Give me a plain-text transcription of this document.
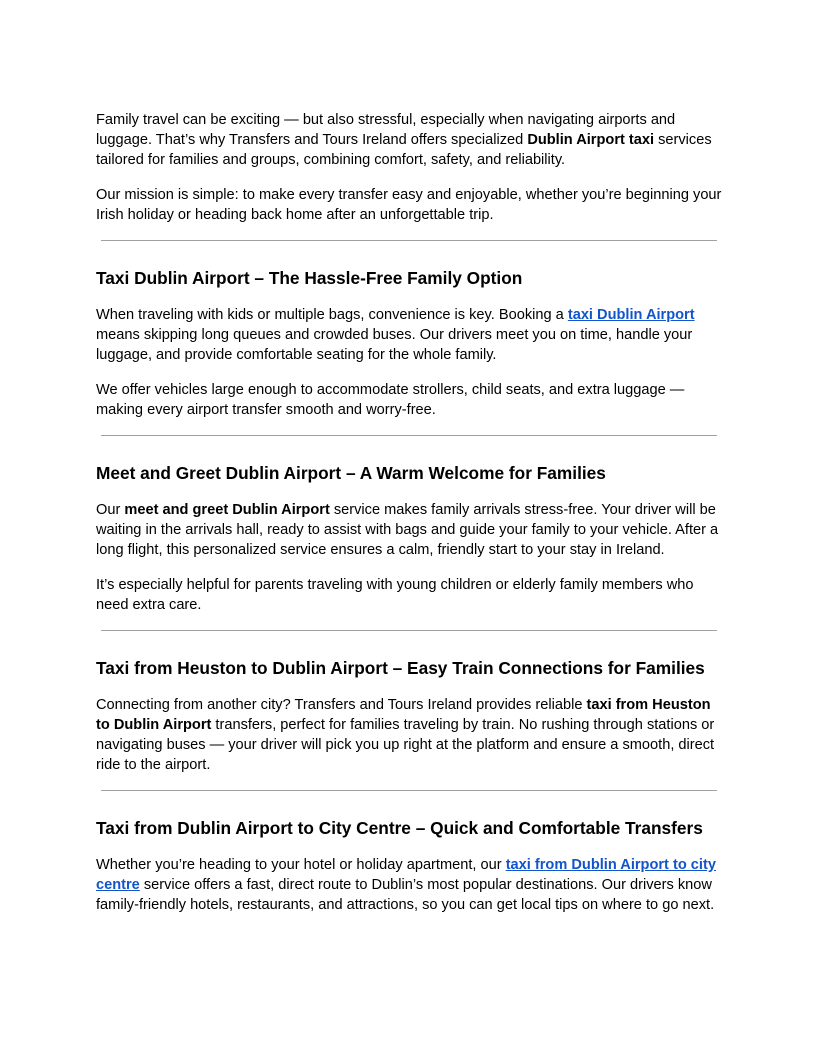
Family travel can be exciting — but also stressful, especially when navigating airports and luggage. That’s why Transfers and Tours Ireland offers specialized Dublin Airport taxi services tailored for families and groups, combining comfort, safety, and reliability.

Our mission is simple: to make every transfer easy and enjoyable, whether you’re beginning your Irish holiday or heading back home after an unforgettable trip.

Taxi Dublin Airport – The Hassle-Free Family Option

When traveling with kids or multiple bags, convenience is key. Booking a taxi Dublin Airport means skipping long queues and crowded buses. Our drivers meet you on time, handle your luggage, and provide comfortable seating for the whole family.

We offer vehicles large enough to accommodate strollers, child seats, and extra luggage — making every airport transfer smooth and worry-free.

Meet and Greet Dublin Airport – A Warm Welcome for Families

Our meet and greet Dublin Airport service makes family arrivals stress-free. Your driver will be waiting in the arrivals hall, ready to assist with bags and guide your family to your vehicle. After a long flight, this personalized service ensures a calm, friendly start to your stay in Ireland.

It’s especially helpful for parents traveling with young children or elderly family members who need extra care.

Taxi from Heuston to Dublin Airport – Easy Train Connections for Families

Connecting from another city? Transfers and Tours Ireland provides reliable taxi from Heuston to Dublin Airport transfers, perfect for families traveling by train. No rushing through stations or navigating buses — your driver will pick you up right at the platform and ensure a smooth, direct ride to the airport.

Taxi from Dublin Airport to City Centre – Quick and Comfortable Transfers

Whether you’re heading to your hotel or holiday apartment, our taxi from Dublin Airport to city centre service offers a fast, direct route to Dublin’s most popular destinations. Our drivers know family-friendly hotels, restaurants, and attractions, so you can get local tips on where to go next.
